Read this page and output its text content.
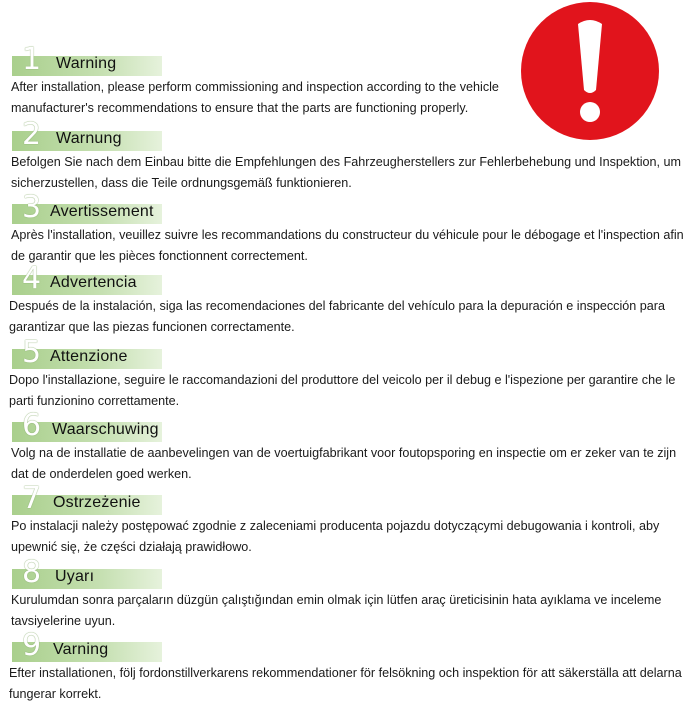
1 Warning

After installation, please perform commissioning and inspection according to the vehicle manufacturer's recommendations to ensure that the parts are functioning properly.

2 Warnung

Befolgen Sie nach dem Einbau bitte die Empfehlungen des Fahrzeugherstellers zur Fehlerbehebung und Inspektion, um sicherzustellen, dass die Teile ordnungsgemäß funktionieren.

3 Avertissement

Après l'installation, veuillez suivre les recommandations du constructeur du véhicule pour le débogage et l'inspection afin de garantir que les pièces fonctionnent correctement.

4 Advertencia

Después de la instalación, siga las recomendaciones del fabricante del vehículo para la depuración e inspección para garantizar que las piezas funcionen correctamente.

5 Attenzione

Dopo l'installazione, seguire le raccomandazioni del produttore del veicolo per il debug e l'ispezione per garantire che le parti funzionino correttamente.

6 Waarschuwing

Volg na de installatie de aanbevelingen van de voertuigfabrikant voor foutopsporing en inspectie om er zeker van te zijn dat de onderdelen goed werken.

7 Ostrzeżenie

Po instalacji należy postępować zgodnie z zaleceniami producenta pojazdu dotyczącymi debugowania i kontroli, aby upewnić się, że części działają prawidłowo.

8 Uyarı

Kurulumdan sonra parçaların düzgün çalıştığından emin olmak için lütfen araç üreticisinin hata ayıklama ve inceleme tavsiyelerine uyun.

9 Varning

Efter installationen, följ fordonstillverkarens rekommendationer för felsökning och inspektion för att säkerställa att delarna fungerar korrekt.
